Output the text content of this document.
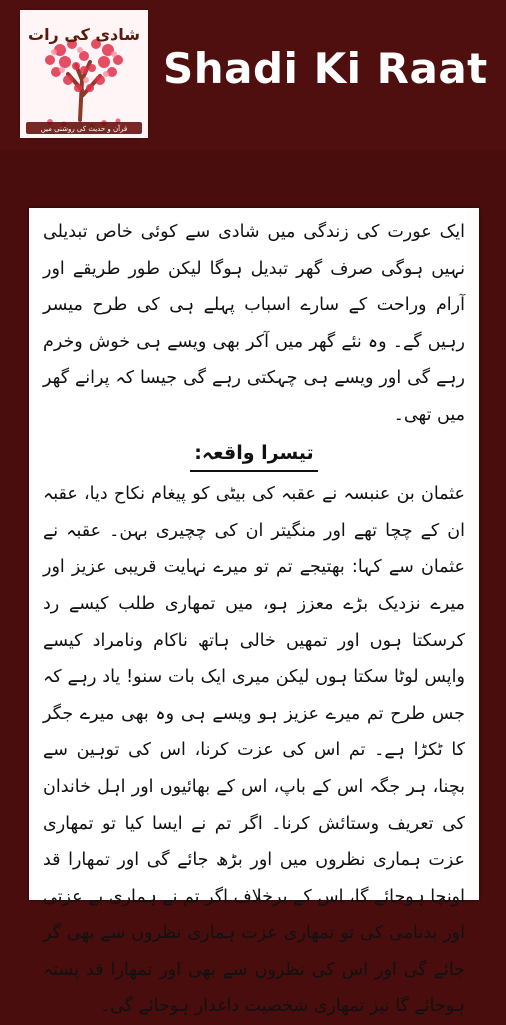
شادی کی رات
قرآن و حدیث کی روشنی میں
Shadi Ki Raat

ایک عورت کی زندگی میں شادی سے کوئی خاص تبدیلی نہیں ہوگی صرف گھر تبدیل ہوگا لیکن طور طریقے اور آرام وراحت کے سارے اسباب پہلے ہی کی طرح میسر رہیں گے۔ وہ نئے گھر میں آکر بھی ویسے ہی خوش وخرم رہے گی اور ویسے ہی چہکتی رہے گی جیسا کہ پرانے گھر میں تھی۔

تیسرا واقعہ:

عثمان بن عنبسہ نے عقبہ کی بیٹی کو پیغام نکاح دیا، عقبہ ان کے چچا تھے اور منگیتر ان کی چچیری بہن۔ عقبہ نے عثمان سے کہا: بھتیجے تم تو میرے نہایت قریبی عزیز اور میرے نزدیک بڑے معزز ہو، میں تمھاری طلب کیسے رد کرسکتا ہوں اور تمھیں خالی ہاتھ ناکام ونامراد کیسے واپس لوٹا سکتا ہوں لیکن میری ایک بات سنو! یاد رہے کہ جس طرح تم میرے عزیز ہو ویسے ہی وہ بھی میرے جگر کا ٹکڑا ہے۔ تم اس کی عزت کرنا، اس کی توہین سے بچنا، ہر جگہ اس کے باپ، اس کے بھائیوں اور اہل خاندان کی تعریف وستائش کرنا۔ اگر تم نے ایسا کیا تو تمھاری عزت ہماری نظروں میں اور بڑھ جائے گی اور تمھارا قد اونچا ہوجائے گا، اس کے برخلاف اگر تم نے ہماری بے عزتی اور بدنامی کی تو تمھاری عزت ہماری نظروں سے بھی گر جائے گی اور اس کی نظروں سے بھی اور تمھارا قد پستہ ہوجائے گا نیز تمھاری شخصیت داغدار ہوجائے گی۔
